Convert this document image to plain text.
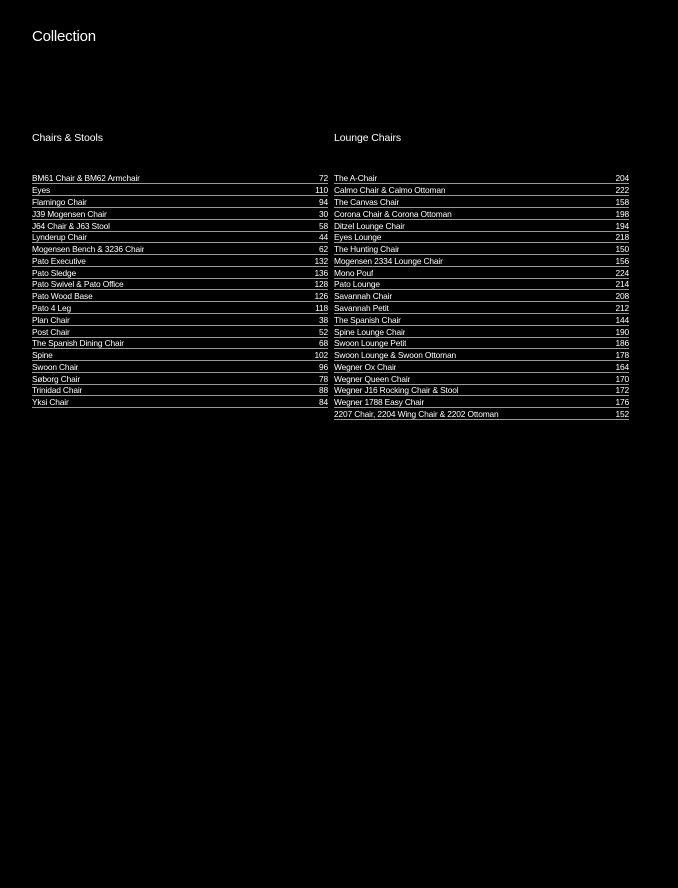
Collection
Chairs & Stools
BM61 Chair & BM62 Armchair	72
Eyes	110
Flamingo Chair	94
J39 Mogensen Chair	30
J64 Chair & J63 Stool	58
Lynderup Chair	44
Mogensen Bench & 3236 Chair	62
Pato Executive	132
Pato Sledge	136
Pato Swivel & Pato Office	128
Pato Wood Base	126
Pato 4 Leg	118
Plan Chair	38
Post Chair	52
The Spanish Dining Chair	68
Spine	102
Swoon Chair	96
Søborg Chair	78
Trinidad Chair	88
Yksi Chair	84
Lounge Chairs
The A-Chair	204
Calmo Chair & Calmo Ottoman	222
The Canvas Chair	158
Corona Chair & Corona Ottoman	198
Ditzel Lounge Chair	194
Eyes Lounge	218
The Hunting Chair	150
Mogensen 2334 Lounge Chair	156
Mono Pouf	224
Pato Lounge	214
Savannah Chair	208
Savannah Petit	212
The Spanish Chair	144
Spine Lounge Chair	190
Swoon Lounge Petit	186
Swoon Lounge & Swoon Ottoman	178
Wegner Ox Chair	164
Wegner Queen Chair	170
Wegner J16 Rocking Chair & Stool	172
Wegner 1788 Easy Chair	176
2207 Chair, 2204 Wing Chair & 2202 Ottoman	152
